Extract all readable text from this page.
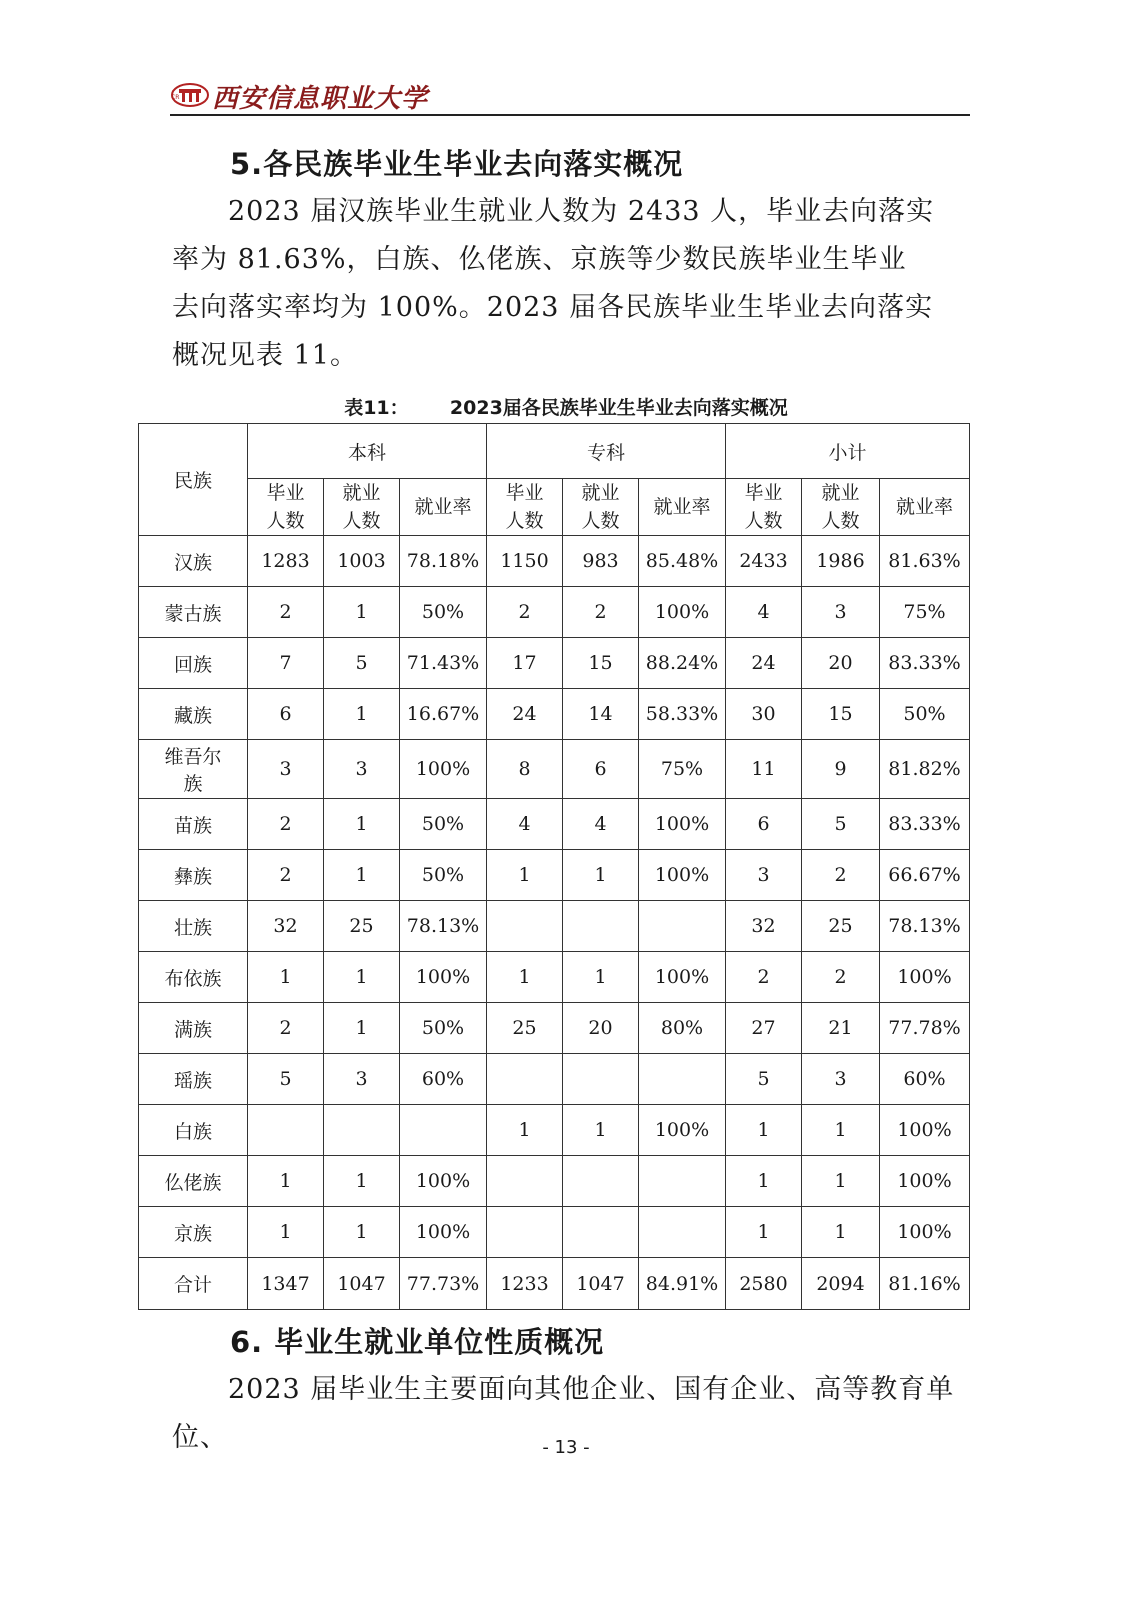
CR 西安信息职业大学
5.各民族毕业生毕业去向落实概况

2023 届汉族毕业生就业人数为 2433 人，毕业去向落实

率为 81.63%，白族、仫佬族、京族等少数民族毕业生毕业

去向落实率均为 100%。2023 届各民族毕业生毕业去向落实

概况见表 11。

表11： 2023届各民族毕业生毕业去向落实概况
民族	本科			专科			小计		
	毕业人数	就业人数	就业率	毕业人数	就业人数	就业率	毕业人数	就业人数	就业率
汉族	1283	1003	78.18%	1150	983	85.48%	2433	1986	81.63%
蒙古族	2	1	50%	2	2	100%	4	3	75%
回族	7	5	71.43%	17	15	88.24%	24	20	83.33%
藏族	6	1	16.67%	24	14	58.33%	30	15	50%
维吾尔族	3	3	100%	8	6	75%	11	9	81.82%
苗族	2	1	50%	4	4	100%	6	5	83.33%
彝族	2	1	50%	1	1	100%	3	2	66.67%
壮族	32	25	78.13%				32	25	78.13%
布依族	1	1	100%	1	1	100%	2	2	100%
满族	2	1	50%	25	20	80%	27	21	77.78%
瑶族	5	3	60%				5	3	60%
白族				1	1	100%	1	1	100%
仫佬族	1	1	100%				1	1	100%
京族	1	1	100%				1	1	100%
合计	1347	1047	77.73%	1233	1047	84.91%	2580	2094	81.16%
6. 毕业生就业单位性质概况

2023 届毕业生主要面向其他企业、国有企业、高等教育单位、	- 13 -
